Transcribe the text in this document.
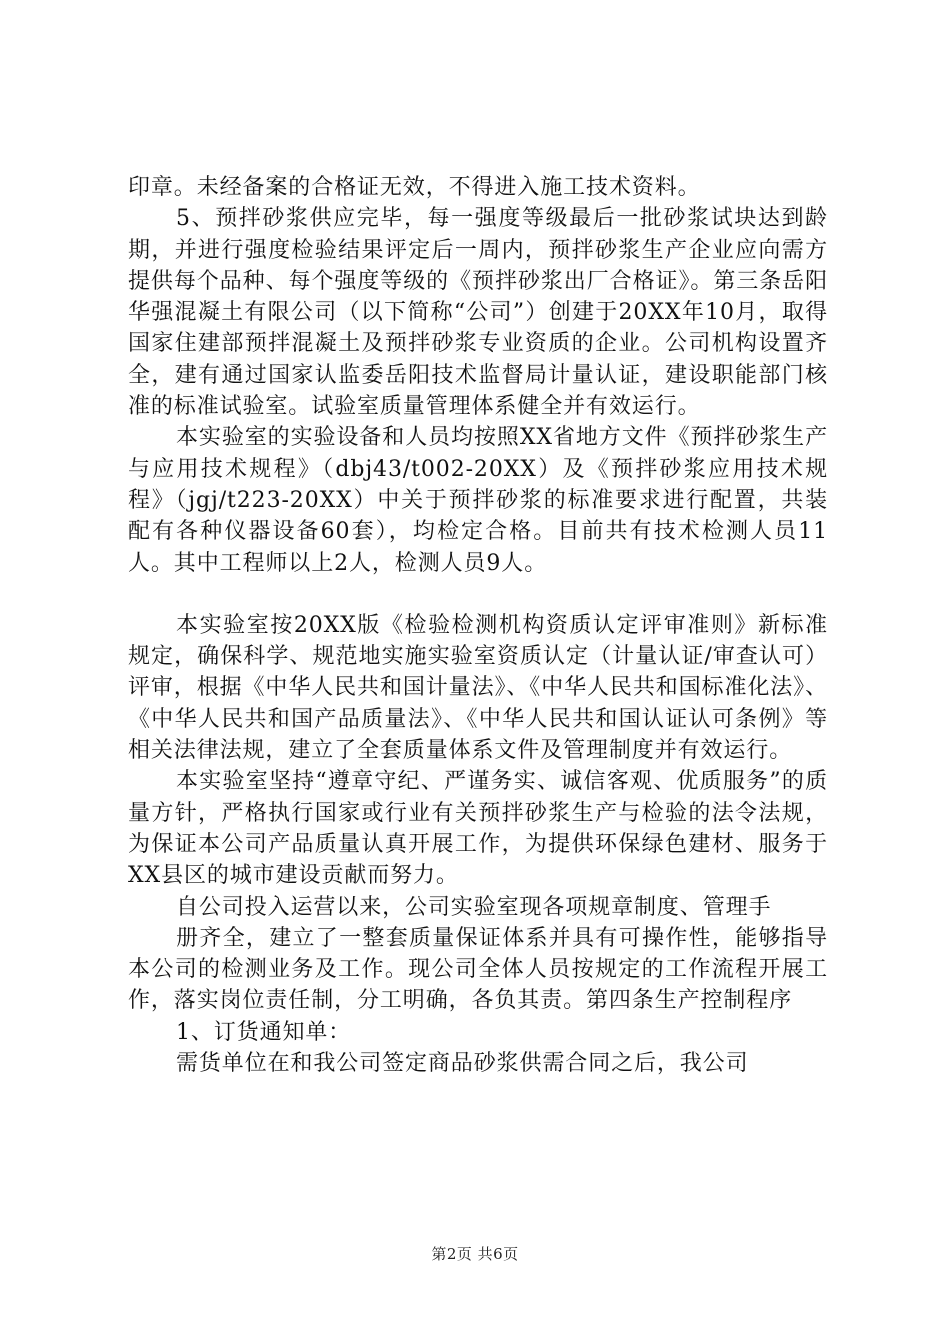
印章。未经备案的合格证无效，不得进入施工技术资料。

5、预拌砂浆供应完毕，每一强度等级最后一批砂浆试块达到龄期，并进行强度检验结果评定后一周内，预拌砂浆生产企业应向需方提供每个品种、每个强度等级的《预拌砂浆出厂合格证》。第三条岳阳华强混凝土有限公司（以下简称“公司”）创建于20XX年10月，取得国家住建部预拌混凝土及预拌砂浆专业资质的企业。公司机构设置齐全，建有通过国家认监委岳阳技术监督局计量认证，建设职能部门核准的标准试验室。试验室质量管理体系健全并有效运行。

本实验室的实验设备和人员均按照XX省地方文件《预拌砂浆生产与应用技术规程》（dbj43/t002-20XX）及《预拌砂浆应用技术规程》（jgj/t223-20XX）中关于预拌砂浆的标准要求进行配置，共装配有各种仪器设备60套），均检定合格。目前共有技术检测人员11人。其中工程师以上2人，检测人员9人。

本实验室按20XX版《检验检测机构资质认定评审准则》新标准规定，确保科学、规范地实施实验室资质认定（计量认证/审查认可）评审，根据《中华人民共和国计量法》、《中华人民共和国标准化法》、《中华人民共和国产品质量法》、《中华人民共和国认证认可条例》等相关法律法规，建立了全套质量体系文件及管理制度并有效运行。

本实验室坚持“遵章守纪、严谨务实、诚信客观、优质服务”的质量方针，严格执行国家或行业有关预拌砂浆生产与检验的法令法规，为保证本公司产品质量认真开展工作，为提供环保绿色建材、服务于XX县区的城市建设贡献而努力。

自公司投入运营以来，公司实验室现各项规章制度、管理手

册齐全，建立了一整套质量保证体系并具有可操作性，能够指导本公司的检测业务及工作。现公司全体人员按规定的工作流程开展工作，落实岗位责任制，分工明确，各负其责。第四条生产控制程序

1、订货通知单：

需货单位在和我公司签定商品砂浆供需合同之后，我公司

第2页 共6页
